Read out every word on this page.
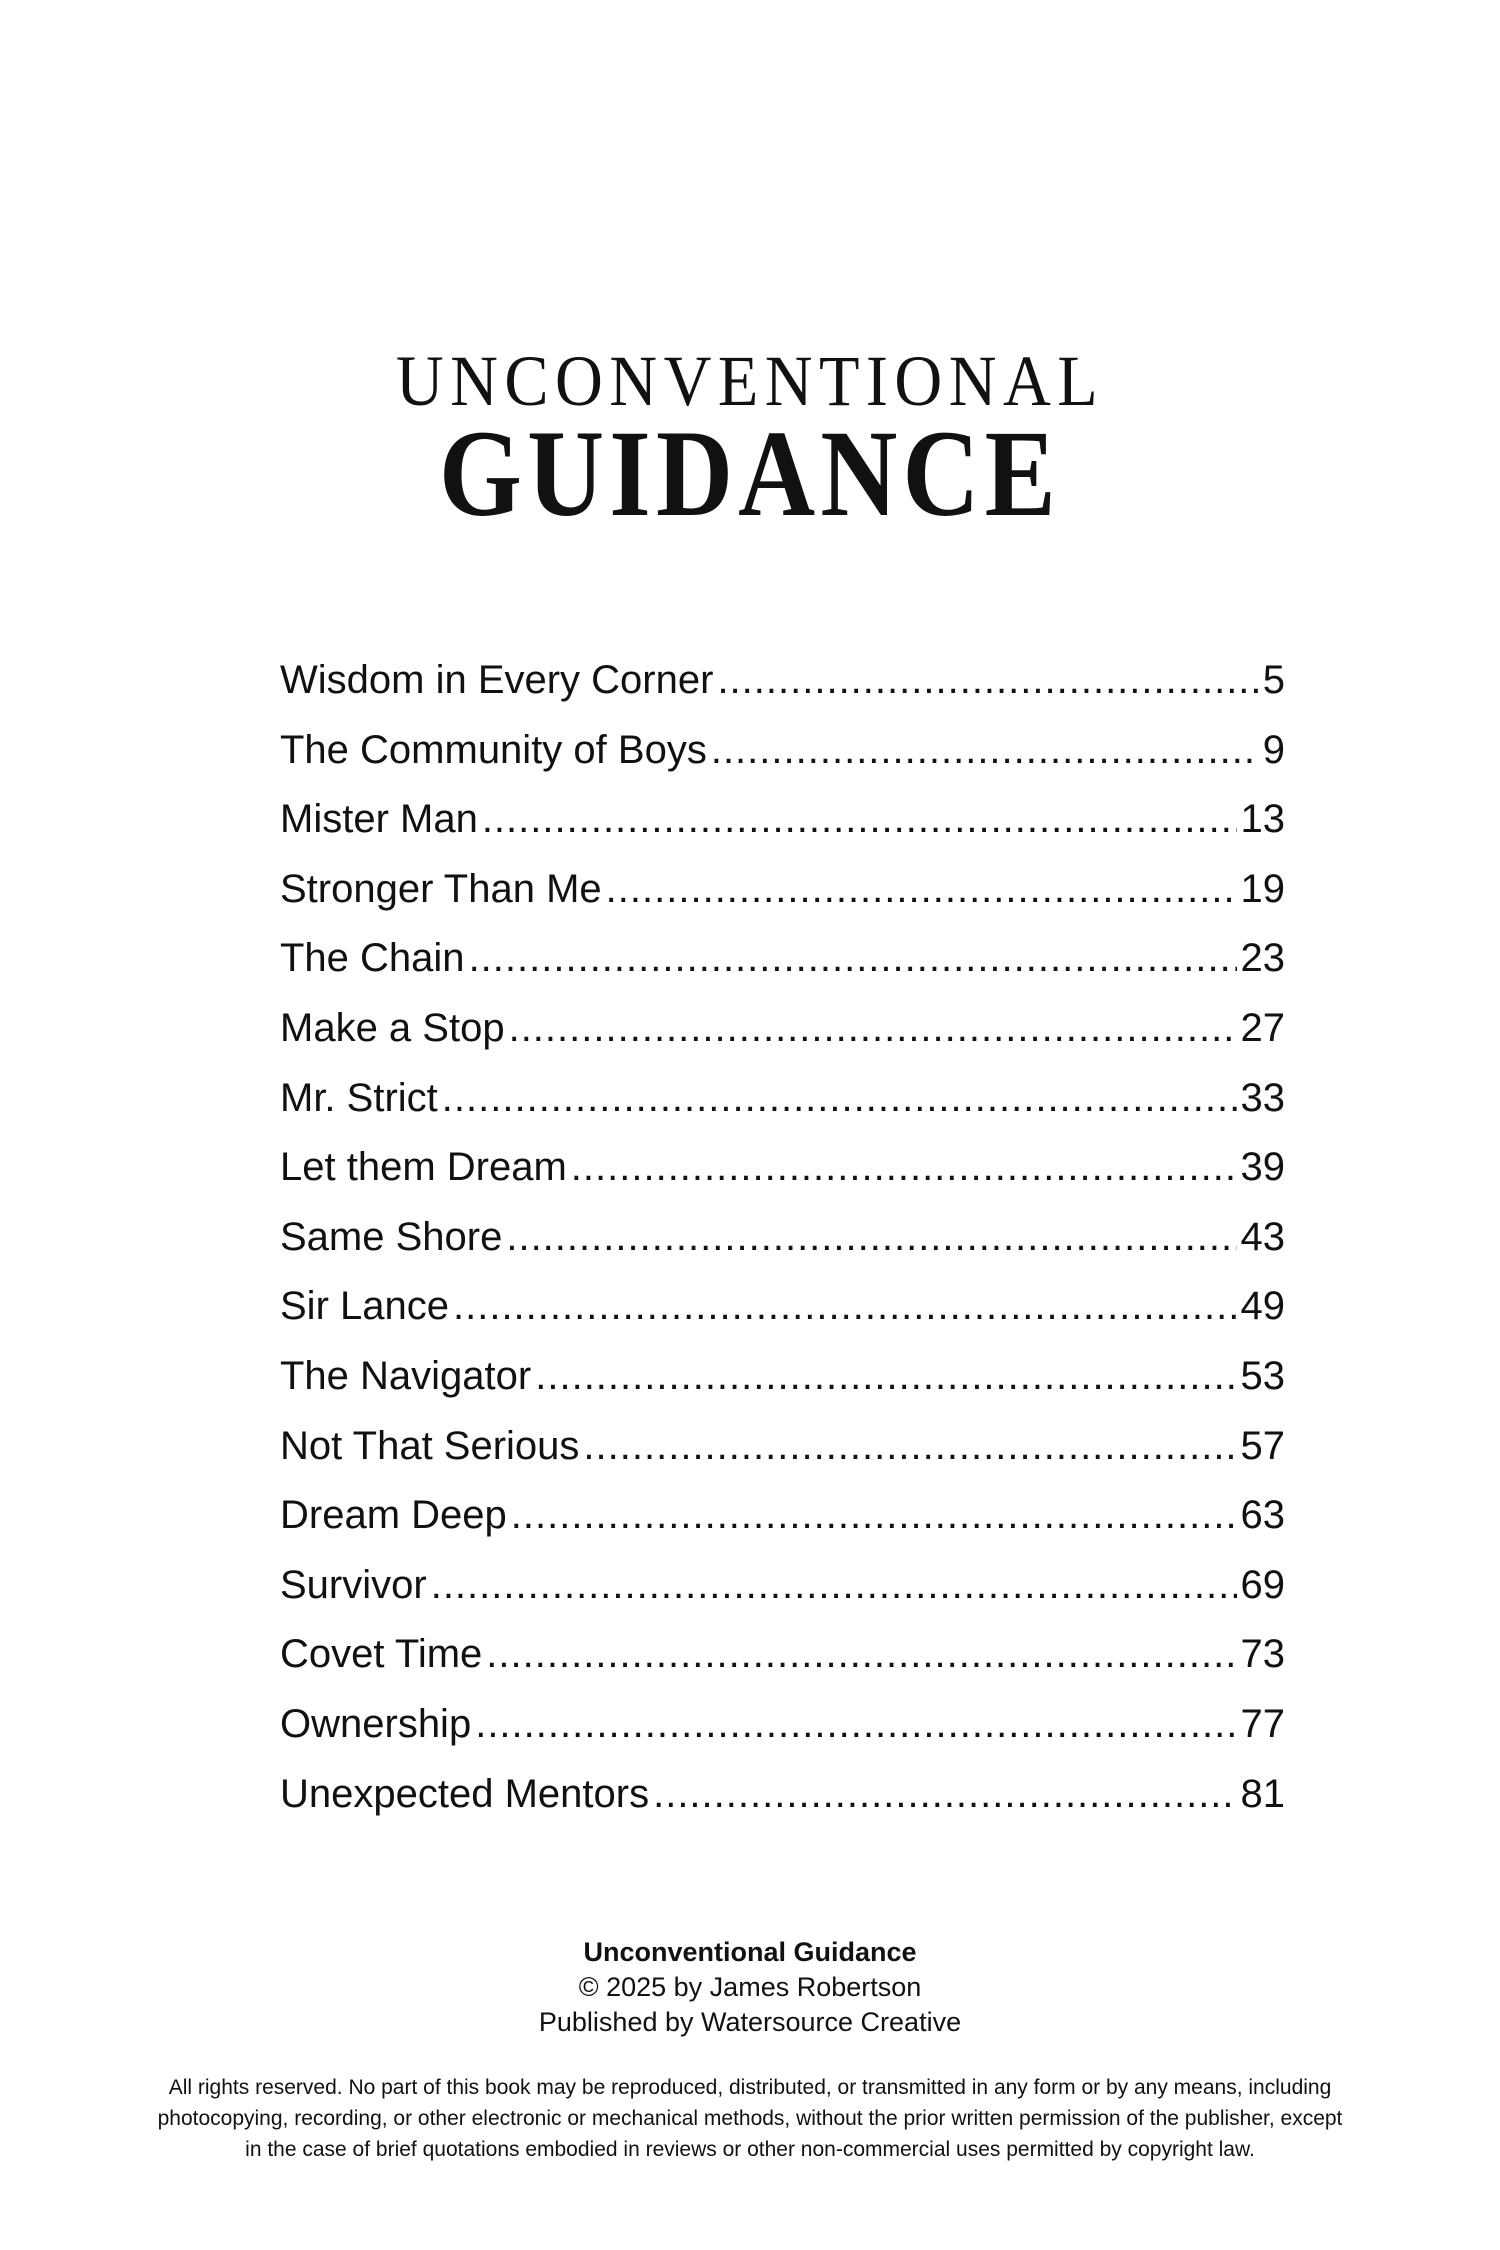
UNCONVENTIONAL
GUIDANCE
Wisdom in Every Corner .....	5
The Community of Boys .....	9
Mister Man .....	13
Stronger Than Me .....	19
The Chain .....	23
Make a Stop .....	27
Mr. Strict .....	33
Let them Dream .....	39
Same Shore .....	43
Sir Lance .....	49
The Navigator .....	53
Not That Serious .....	57
Dream Deep .....	63
Survivor .....	69
Covet Time .....	73
Ownership .....	77
Unexpected Mentors .....	81
Unconventional Guidance
© 2025 by James Robertson
Published by Watersource Creative
All rights reserved. No part of this book may be reproduced, distributed, or transmitted in any form or by any means, including
photocopying, recording, or other electronic or mechanical methods, without the prior written permission of the publisher, except
in the case of brief quotations embodied in reviews or other non-commercial uses permitted by copyright law.
